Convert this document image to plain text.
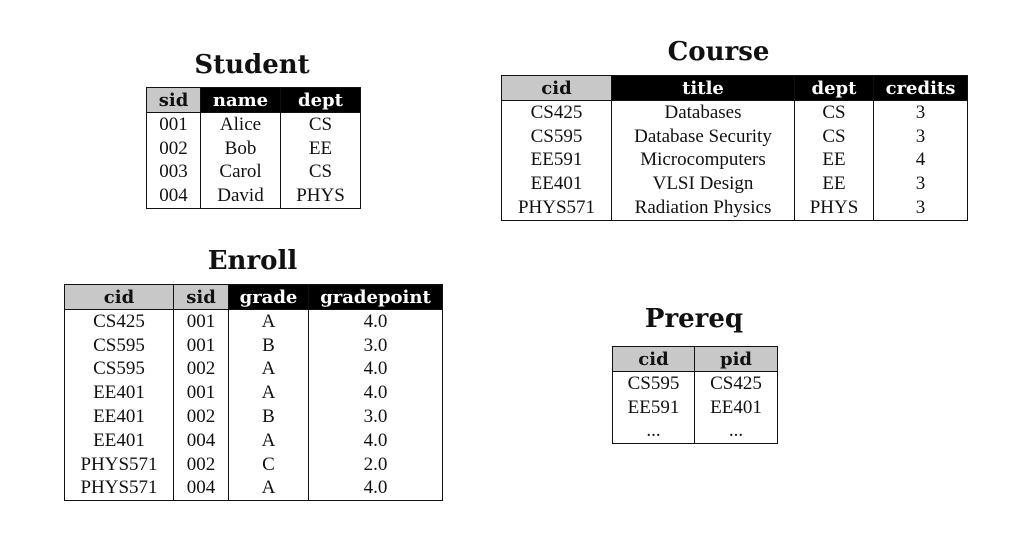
Student
sid	name	dept
001	Alice	CS
002	Bob	EE
003	Carol	CS
004	David	PHYS
Course
cid	title	dept	credits
CS425	Databases	CS	3
CS595	Database Security	CS	3
EE591	Microcomputers	EE	4
EE401	VLSI Design	EE	3
PHYS571	Radiation Physics	PHYS	3
Enroll
cid	sid	grade	gradepoint
CS425	001	A	4.0
CS595	001	B	3.0
CS595	002	A	4.0
EE401	001	A	4.0
EE401	002	B	3.0
EE401	004	A	4.0
PHYS571	002	C	2.0
PHYS571	004	A	4.0
Prereq
cid	pid
CS595	CS425
EE591	EE401
...	...
